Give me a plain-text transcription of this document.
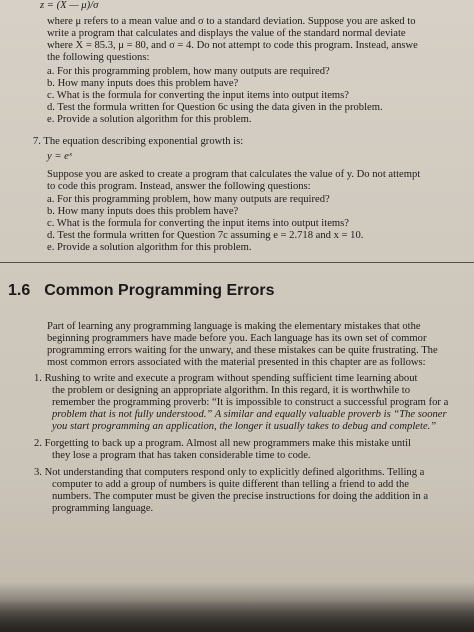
z = (X — μ)/σ
where μ refers to a mean value and σ to a standard deviation. Suppose you are asked to
write a program that calculates and displays the value of the standard normal deviate
where X = 85.3, μ = 80, and σ = 4. Do not attempt to code this program. Instead, answe
the following questions:
a. For this programming problem, how many outputs are required?
b. How many inputs does this problem have?
c. What is the formula for converting the input items into output items?
d. Test the formula written for Question 6c using the data given in the problem.
e. Provide a solution algorithm for this problem.
7. The equation describing exponential growth is:
y = eˣ
Suppose you are asked to create a program that calculates the value of y. Do not attempt
to code this program. Instead, answer the following questions:
a. For this programming problem, how many outputs are required?
b. How many inputs does this problem have?
c. What is the formula for converting the input items into output items?
d. Test the formula written for Question 7c assuming e = 2.718 and x = 10.
e. Provide a solution algorithm for this problem.
1.6 Common Programming Errors
Part of learning any programming language is making the elementary mistakes that othe
beginning programmers have made before you. Each language has its own set of commor
programming errors waiting for the unwary, and these mistakes can be quite frustrating. The
most common errors associated with the material presented in this chapter are as follows:
1. Rushing to write and execute a program without spending sufficient time learning about
the problem or designing an appropriate algorithm. In this regard, it is worthwhile to
remember the programming proverb: “It is impossible to construct a successful program for a
problem that is not fully understood.” A similar and equally valuable proverb is “The sooner
you start programming an application, the longer it usually takes to debug and complete.”
2. Forgetting to back up a program. Almost all new programmers make this mistake until
they lose a program that has taken considerable time to code.
3. Not understanding that computers respond only to explicitly defined algorithms. Telling a
computer to add a group of numbers is quite different than telling a friend to add the
numbers. The computer must be given the precise instructions for doing the addition in a
programming language.
